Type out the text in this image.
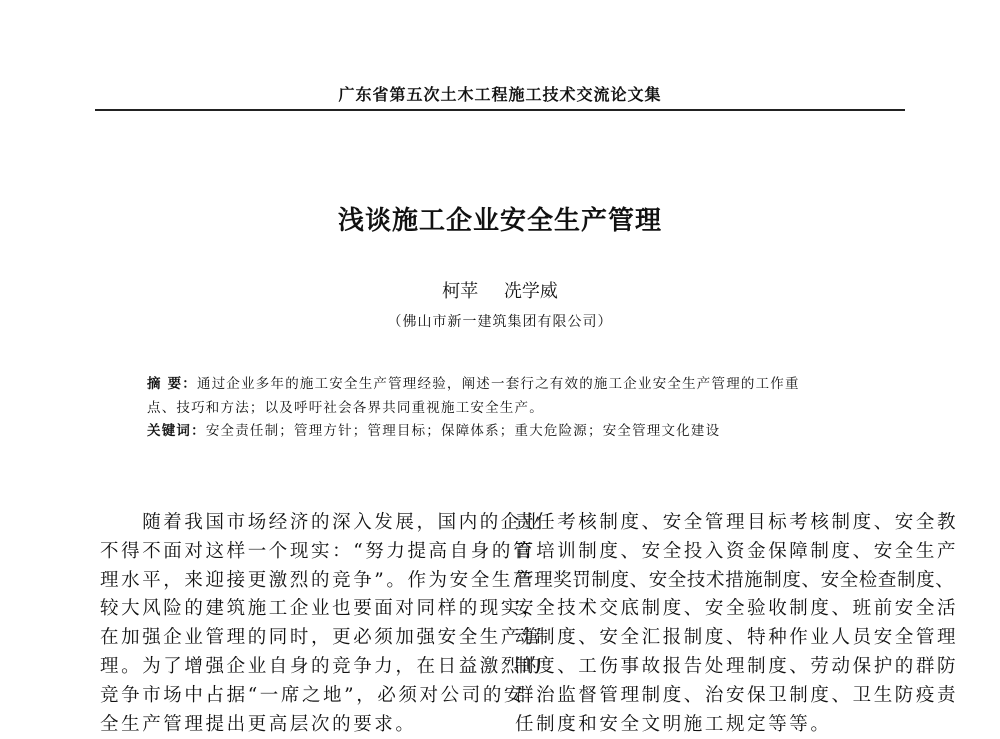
广东省第五次土木工程施工技术交流论文集
浅谈施工企业安全生产管理
柯苹 冼学威
（佛山市新一建筑集团有限公司）
摘 要：通过企业多年的施工安全生产管理经验，阐述一套行之有效的施工企业安全生产管理的工作重
点、技巧和方法；以及呼吁社会各界共同重视施工安全生产。
关键词：安全责任制；管理方针；管理目标；保障体系；重大危险源；安全管理文化建设
　　随着我国市场经济的深入发展，国内的企业
不得不面对这样一个现实：“努力提高自身的管
理水平，来迎接更激烈的竞争”。作为安全生产
较大风险的建筑施工企业也要面对同样的现实，
在加强企业管理的同时，更必须加强安全生产管
理。为了增强企业自身的竞争力，在日益激烈的
竞争市场中占据“一席之地”，必须对公司的安
全生产管理提出更高层次的要求。
责任考核制度、安全管理目标考核制度、安全教
育培训制度、安全投入资金保障制度、安全生产
管理奖罚制度、安全技术措施制度、安全检查制度、
安全技术交底制度、安全验收制度、班前安全活
动制度、安全汇报制度、特种作业人员安全管理
制度、工伤事故报告处理制度、劳动保护的群防
群治监督管理制度、治安保卫制度、卫生防疫责
任制度和安全文明施工规定等等。
